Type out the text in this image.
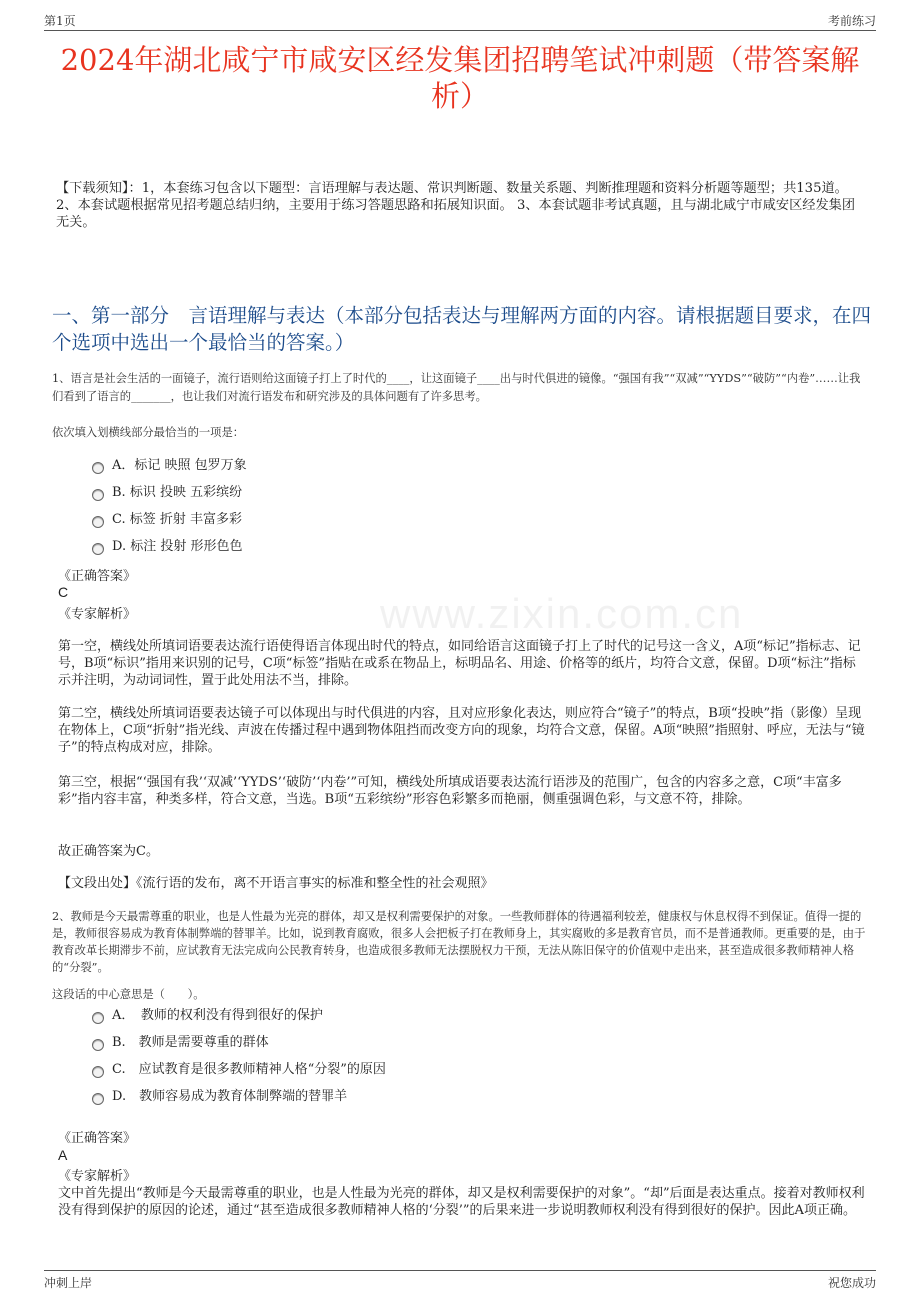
第1页	考前练习
www.zixin.com.cn
2024年湖北咸宁市咸安区经发集团招聘笔试冲刺题（带答案解析）
【下载须知】：1，本套练习包含以下题型：言语理解与表达题、常识判断题、数量关系题、判断推理题和资料分析题等题型；共135道。 2、本套试题根据常见招考题总结归纳，主要用于练习答题思路和拓展知识面。 3、本套试题非考试真题，且与湖北咸宁市咸安区经发集团无关。
一、第一部分　言语理解与表达（本部分包括表达与理解两方面的内容。请根据题目要求，在四个选项中选出一个最恰当的答案。）
1、语言是社会生活的一面镜子，流行语则给这面镜子打上了时代的____，让这面镜子____出与时代俱进的镜像。“强国有我”“双减”“YYDS”“破防”“内卷”……让我们看到了语言的_______，也让我们对流行语发布和研究涉及的具体问题有了许多思考。
依次填入划横线部分最恰当的一项是：
A．标记 映照 包罗万象
B. 标识 投映 五彩缤纷
C. 标签 折射 丰富多彩
D. 标注 投射 形形色色
《正确答案》
C
《专家解析》
第一空，横线处所填词语要表达流行语使得语言体现出时代的特点，如同给语言这面镜子打上了时代的记号这一含义，A项“标记”指标志、记号，B项“标识”指用来识别的记号，C项“标签”指贴在或系在物品上，标明品名、用途、价格等的纸片，均符合文意，保留。D项“标注”指标示并注明，为动词词性，置于此处用法不当，排除。
第二空，横线处所填词语要表达镜子可以体现出与时代俱进的内容，且对应形象化表达，则应符合“镜子”的特点，B项“投映”指（影像）呈现在物体上，C项“折射”指光线、声波在传播过程中遇到物体阻挡而改变方向的现象，均符合文意，保留。A项“映照”指照射、呼应，无法与“镜子”的特点构成对应，排除。
第三空，根据“‘强国有我’‘双减’‘YYDS’‘破防’‘内卷’”可知，横线处所填成语要表达流行语涉及的范围广，包含的内容多之意，C项“丰富多彩”指内容丰富，种类多样，符合文意，当选。B项“五彩缤纷”形容色彩繁多而艳丽，侧重强调色彩，与文意不符，排除。
故正确答案为C。
【文段出处】《流行语的发布，离不开语言事实的标准和整全性的社会观照》
2、教师是今天最需尊重的职业，也是人性最为光亮的群体，却又是权利需要保护的对象。一些教师群体的待遇福利较差，健康权与休息权得不到保证。值得一提的是，教师很容易成为教育体制弊端的替罪羊。比如，说到教育腐败，很多人会把板子打在教师身上，其实腐败的多是教育官员，而不是普通教师。更重要的是，由于教育改革长期滞步不前，应试教育无法完成向公民教育转身，也造成很多教师无法摆脱权力干预，无法从陈旧保守的价值观中走出来，甚至造成很多教师精神人格的“分裂”。
这段话的中心意思是（　　）。
A．　教师的权利没有得到很好的保护
B.　教师是需要尊重的群体
C.　应试教育是很多教师精神人格“分裂”的原因
D.　教师容易成为教育体制弊端的替罪羊
《正确答案》
A
《专家解析》
文中首先提出“教师是今天最需尊重的职业，也是人性最为光亮的群体，却又是权利需要保护的对象”。“却”后面是表达重点。接着对教师权利没有得到保护的原因的论述，通过“甚至造成很多教师精神人格的‘分裂’”的后果来进一步说明教师权利没有得到很好的保护。因此A项正确。
冲刺上岸	祝您成功
